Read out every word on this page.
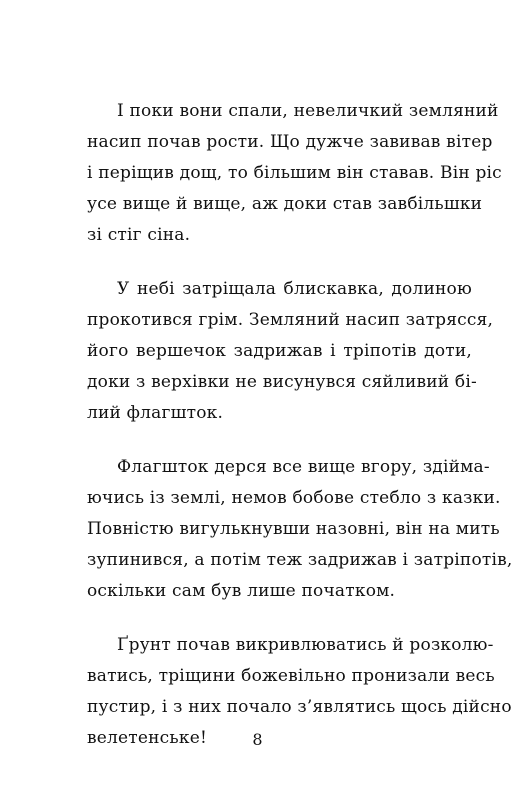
І поки вони спали, невеличкий земляний
насип почав рости. Що дужче завивав вітер
і періщив дощ, то більшим він ставав. Він ріс
усе вище й вище, аж доки став завбільшки
зі стіг сіна.

У небі затріщала блискавка, долиною
прокотився грім. Земляний насип затрясся,
його вершечок задрижав і тріпотів доти,
доки з верхівки не висунувся сяйливий бі-
лий флагшток.

Флагшток дерся все вище вгору, здійма-
ючись із землі, немов бобове стебло з казки.
Повністю вигулькнувши назовні, він на мить
зупинився, а потім теж задрижав і затріпотів,
оскільки сам був лише початком.

Ґрунт почав викривлюватись й розколю-
ватись, тріщини божевільно пронизали весь
пустир, і з них почало з’являтись щось дійсно
велетенське!	8
